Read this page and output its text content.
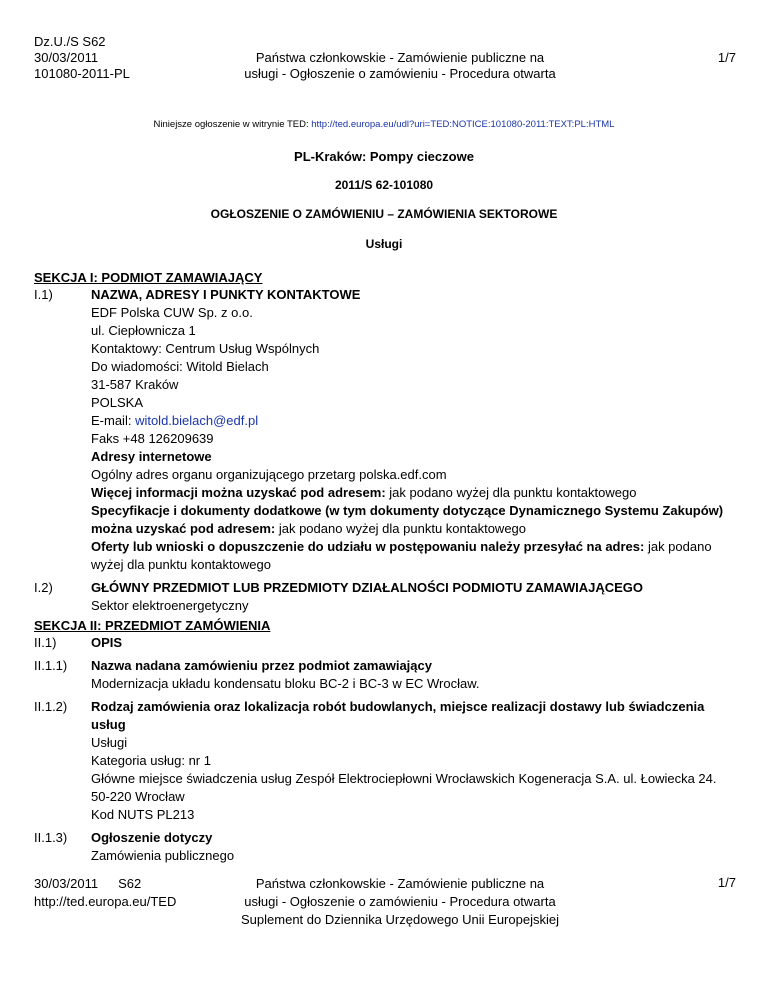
Dz.U./S S62
30/03/2011
101080-2011-PL
Państwa członkowskie - Zamówienie publiczne na
usługi - Ogłoszenie o zamówieniu - Procedura otwarta
1/7
Niniejsze ogłoszenie w witrynie TED: http://ted.europa.eu/udl?uri=TED:NOTICE:101080-2011:TEXT:PL:HTML
PL-Kraków: Pompy cieczowe
2011/S 62-101080
OGŁOSZENIE O ZAMÓWIENIU – ZAMÓWIENIA SEKTOROWE
Usługi
SEKCJA I: PODMIOT ZAMAWIAJĄCY
I.1)	NAZWA, ADRESY I PUNKTY KONTAKTOWE
EDF Polska CUW Sp. z o.o.
ul. Ciepłownicza 1
Kontaktowy: Centrum Usług Wspólnych
Do wiadomości: Witold Bielach
31-587 Kraków
POLSKA
E-mail: witold.bielach@edf.pl
Faks +48 126209639
Adresy internetowe
Ogólny adres organu organizującego przetarg polska.edf.com
Więcej informacji można uzyskać pod adresem: jak podano wyżej dla punktu kontaktowego
Specyfikacje i dokumenty dodatkowe (w tym dokumenty dotyczące Dynamicznego Systemu Zakupów)
można uzyskać pod adresem: jak podano wyżej dla punktu kontaktowego
Oferty lub wnioski o dopuszczenie do udziału w postępowaniu należy przesyłać na adres: jak podano
wyżej dla punktu kontaktowego
I.2)	GŁÓWNY PRZEDMIOT LUB PRZEDMIOTY DZIAŁALNOŚCI PODMIOTU ZAMAWIAJĄCEGO
Sektor elektroenergetyczny
SEKCJA II: PRZEDMIOT ZAMÓWIENIA
II.1)	OPIS
II.1.1) Nazwa nadana zamówieniu przez podmiot zamawiający
Modernizacja układu kondensatu bloku BC-2 i BC-3 w EC Wrocław.
II.1.2) Rodzaj zamówienia oraz lokalizacja robót budowlanych, miejsce realizacji dostawy lub świadczenia
usług
Usługi
Kategoria usług: nr 1
Główne miejsce świadczenia usług Zespół Elektrociepłowni Wrocławskich Kogeneracja S.A. ul. Łowiecka 24.
50-220 Wrocław
Kod NUTS PL213
II.1.3) Ogłoszenie dotyczy
Zamówienia publicznego
30/03/2011 S62
http://ted.europa.eu/TED
Państwa członkowskie - Zamówienie publiczne na
usługi - Ogłoszenie o zamówieniu - Procedura otwarta
Suplement do Dziennika Urzędowego Unii Europejskiej
1/7
